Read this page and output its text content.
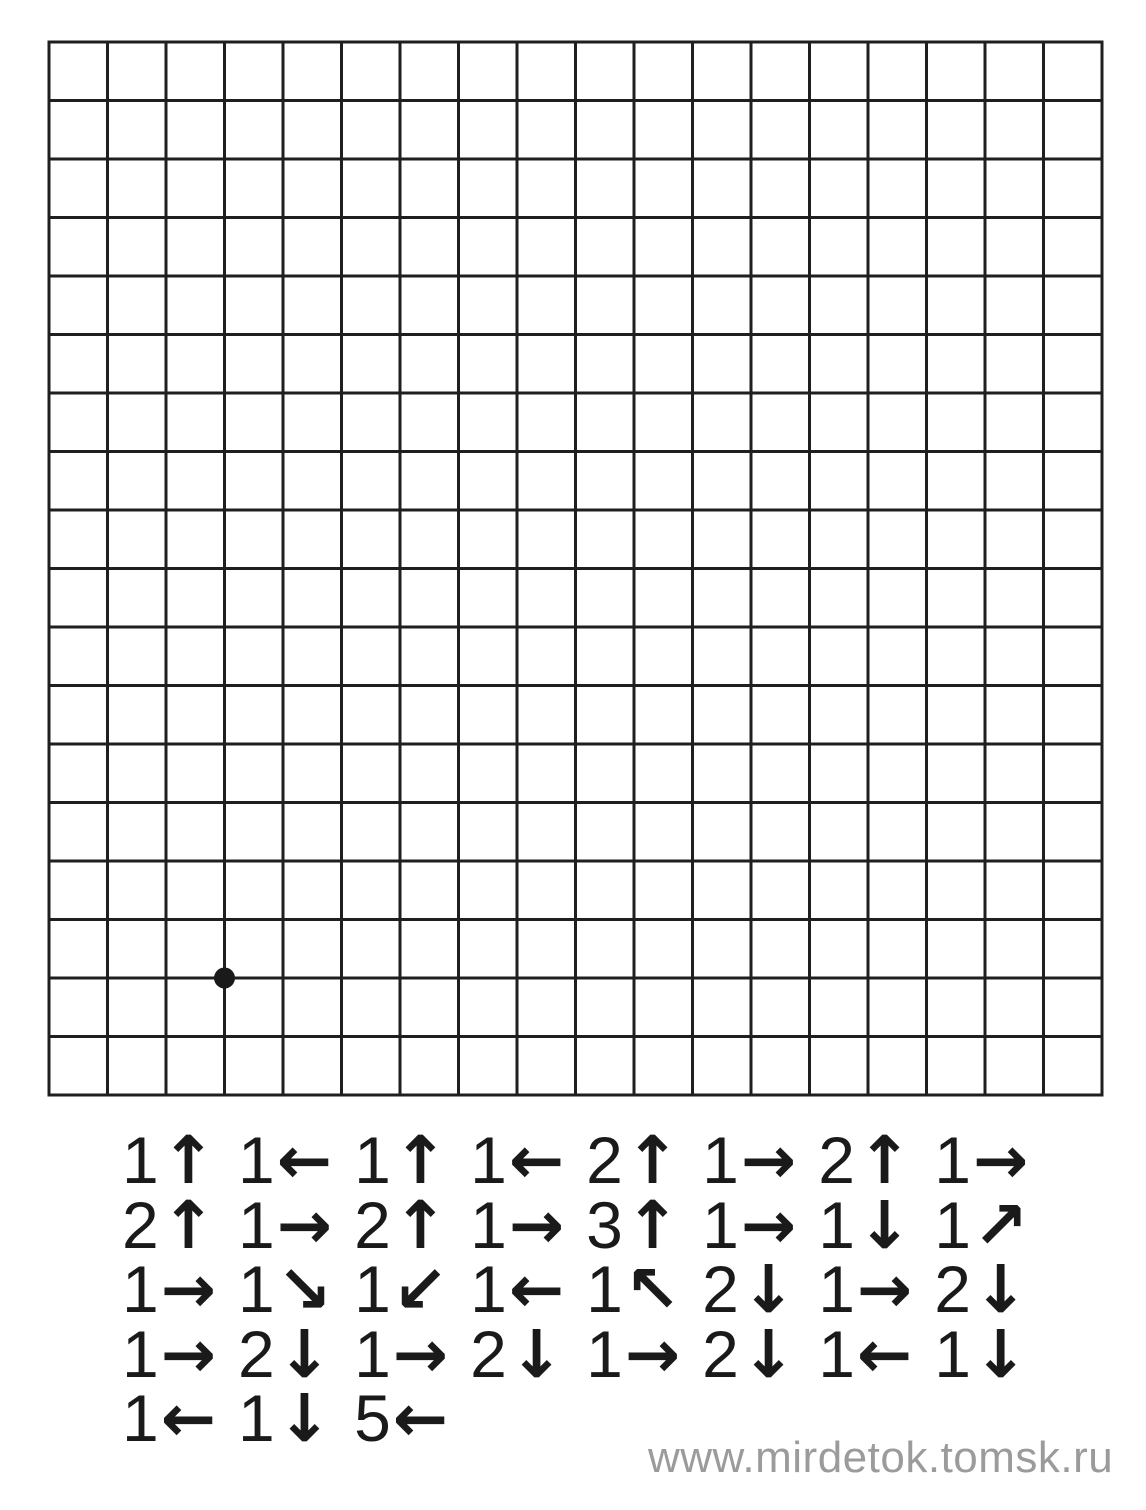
1↑ 1← 1↑ 1← 2↑ 1→ 2↑ 1→
2↑ 1→ 2↑ 1→ 3↑ 1→ 1↓ 1↗
1→ 1↘ 1↙ 1← 1↖ 2↓ 1→ 2↓
1→ 2↓ 1→ 2↓ 1→ 2↓ 1← 1↓
1← 1↓ 5←
www.mirdetok.tomsk.ru
